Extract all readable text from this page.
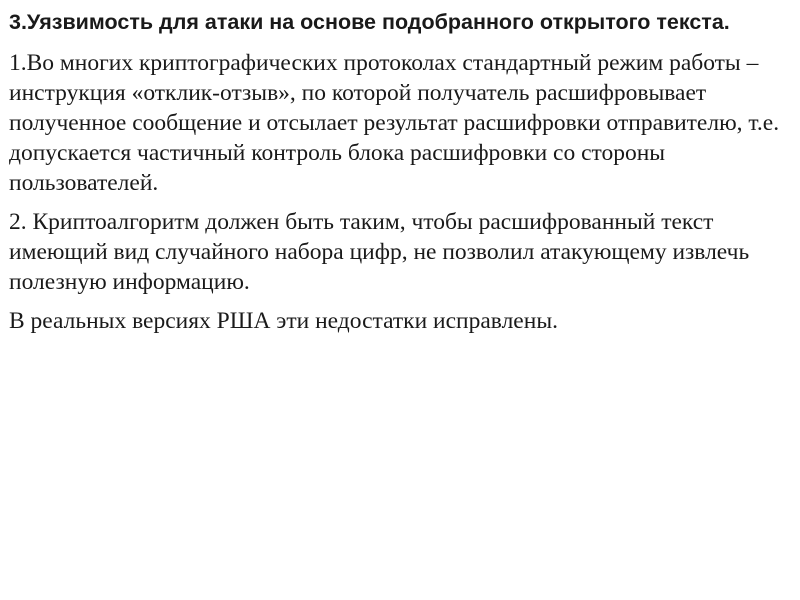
3.Уязвимость для атаки на основе подобранного открытого текста.

1.Во многих криптографических протоколах стандартный режим работы – инструкция «отклик-отзыв», по которой получатель расшифровывает полученное сообщение и отсылает результат расшифровки отправителю, т.е. допускается частичный контроль блока расшифровки со стороны пользователей.

2. Криптоалгоритм должен быть таким, чтобы расшифрованный текст имеющий вид случайного набора цифр, не позволил атакующему извлечь полезную информацию.

В реальных версиях РША эти недостатки исправлены.
